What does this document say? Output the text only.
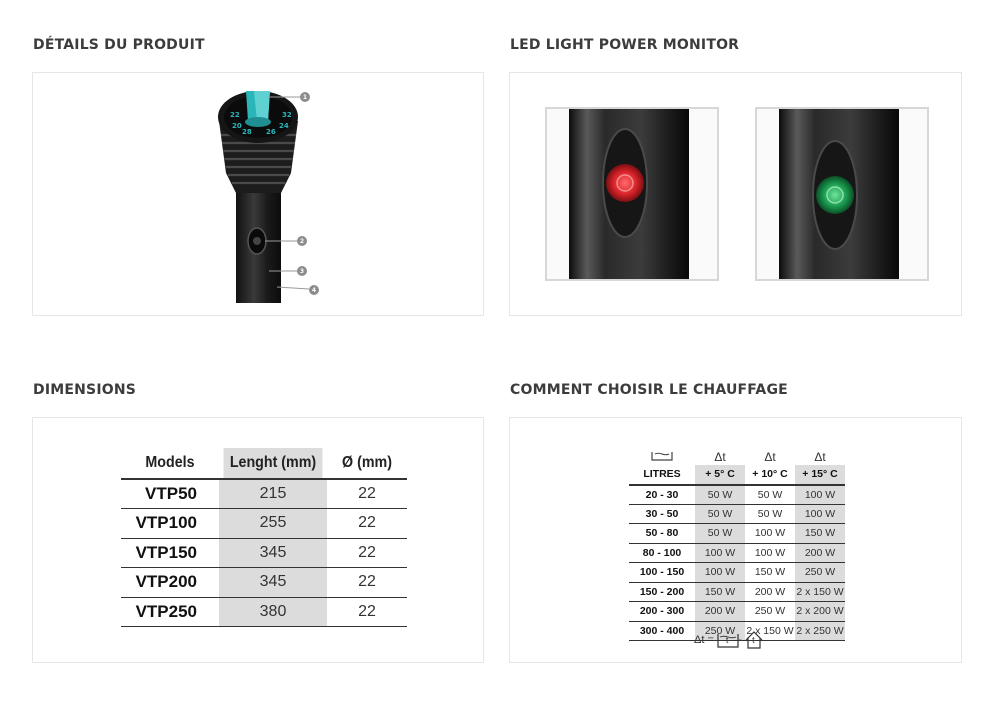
DÉTAILS DU PRODUIT	LED LIGHT POWER MONITOR
DIMENSIONS	COMMENT CHOISIR LE CHAUFFAGE
22
20
28 26
24
32
1
2
3
4
Models	Lenght (mm)	Ø (mm)
VTP50	215	22
VTP100	255	22
VTP150	345	22
VTP200	345	22
VTP250	380	22
	Δt	Δt	Δt
LITRES	+ 5° C	+ 10° C	+ 15° C
20 - 30	50 W	50 W	100 W
30 - 50	50 W	50 W	100 W
50 - 80	50 W	100 W	150 W
80 - 100	100 W	100 W	200 W
100 - 150	100 W	150 W	250 W
150 - 200	150 W	200 W	2 x 150 W
200 - 300	200 W	250 W	2 x 200 W
300 - 400	250 W	2 x 150 W	2 x 250 W
Δt = t - t
